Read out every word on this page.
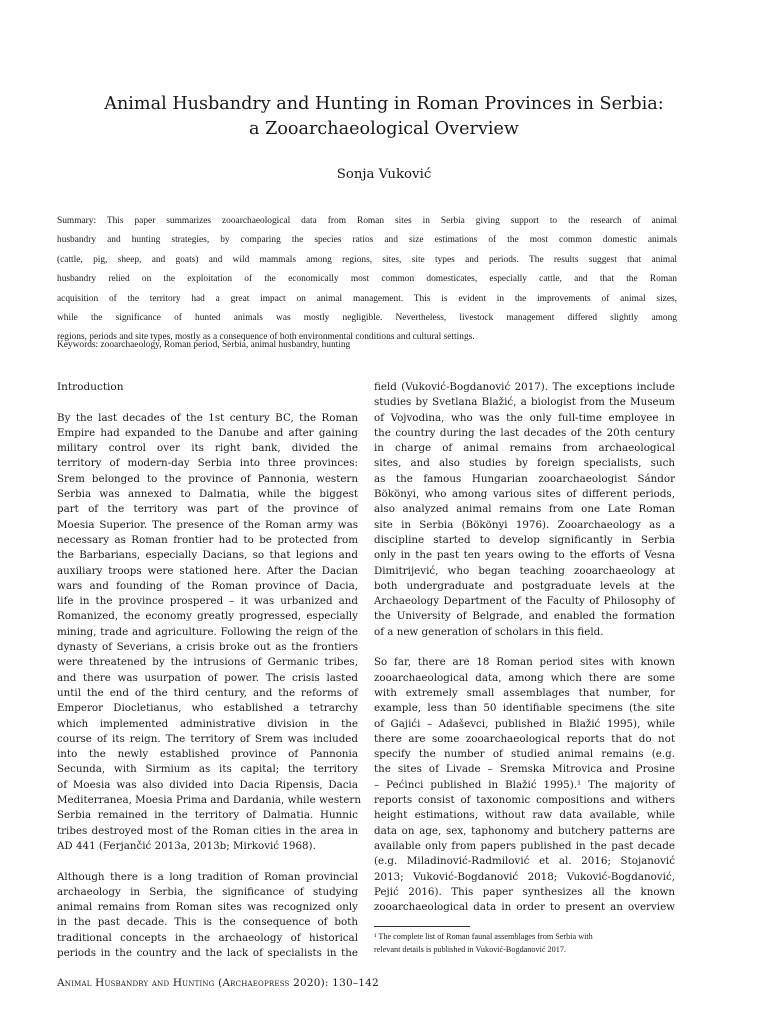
Animal Husbandry and Hunting in Roman Provinces in Serbia:
a Zooarchaeological Overview
Sonja Vuković
Summary: This paper summarizes zooarchaeological data from Roman sites in Serbia giving support to the research of animal
husbandry and hunting strategies, by comparing the species ratios and size estimations of the most common domestic animals
(cattle, pig, sheep, and goats) and wild mammals among regions, sites, site types and periods. The results suggest that animal
husbandry relied on the exploitation of the economically most common domesticates, especially cattle, and that the Roman
acquisition of the territory had a great impact on animal management. This is evident in the improvements of animal sizes,
while the significance of hunted animals was mostly negligible. Nevertheless, livestock management differed slightly among
regions, periods and site types, mostly as a consequence of both environmental conditions and cultural settings.
Keywords: zooarchaeology, Roman period, Serbia, animal husbandry, hunting
Introduction
By the last decades of the 1st century BC, the Roman
Empire had expanded to the Danube and after gaining
military control over its right bank, divided the
territory of modern-day Serbia into three provinces:
Srem belonged to the province of Pannonia, western
Serbia was annexed to Dalmatia, while the biggest
part of the territory was part of the province of
Moesia Superior. The presence of the Roman army was
necessary as Roman frontier had to be protected from
the Barbarians, especially Dacians, so that legions and
auxiliary troops were stationed here. After the Dacian
wars and founding of the Roman province of Dacia,
life in the province prospered – it was urbanized and
Romanized, the economy greatly progressed, especially
mining, trade and agriculture. Following the reign of the
dynasty of Severians, a crisis broke out as the frontiers
were threatened by the intrusions of Germanic tribes,
and there was usurpation of power. The crisis lasted
until the end of the third century, and the reforms of
Emperor Diocletianus, who established a tetrarchy
which implemented administrative division in the
course of its reign. The territory of Srem was included
into the newly established province of Pannonia
Secunda, with Sirmium as its capital; the territory
of Moesia was also divided into Dacia Ripensis, Dacia
Mediterranea, Moesia Prima and Dardania, while western
Serbia remained in the territory of Dalmatia. Hunnic
tribes destroyed most of the Roman cities in the area in
AD 441 (Ferjančić 2013a, 2013b; Mirković 1968).
Although there is a long tradition of Roman provincial
archaeology in Serbia, the significance of studying
animal remains from Roman sites was recognized only
in the past decade. This is the consequence of both
traditional concepts in the archaeology of historical
periods in the country and the lack of specialists in the
field (Vuković-Bogdanović 2017). The exceptions include
studies by Svetlana Blažić, a biologist from the Museum
of Vojvodina, who was the only full-time employee in
the country during the last decades of the 20th century
in charge of animal remains from archaeological
sites, and also studies by foreign specialists, such
as the famous Hungarian zooarchaeologist Sándor
Bökönyi, who among various sites of different periods,
also analyzed animal remains from one Late Roman
site in Serbia (Bökönyi 1976). Zooarchaeology as a
discipline started to develop significantly in Serbia
only in the past ten years owing to the efforts of Vesna
Dimitrijević, who began teaching zooarchaeology at
both undergraduate and postgraduate levels at the
Archaeology Department of the Faculty of Philosophy of
the University of Belgrade, and enabled the formation
of a new generation of scholars in this field.
So far, there are 18 Roman period sites with known
zooarchaeological data, among which there are some
with extremely small assemblages that number, for
example, less than 50 identifiable specimens (the site
of Gajići – Adaševci, published in Blažić 1995), while
there are some zooarchaeological reports that do not
specify the number of studied animal remains (e.g.
the sites of Livade – Sremska Mitrovica and Prosine
– Pećinci published in Blažić 1995).¹ The majority of
reports consist of taxonomic compositions and withers
height estimations, without raw data available, while
data on age, sex, taphonomy and butchery patterns are
available only from papers published in the past decade
(e.g. Miladinović-Radmilović et al. 2016; Stojanović
2013; Vuković-Bogdanović 2018; Vuković-Bogdanović,
Pejić 2016). This paper synthesizes all the known
zooarchaeological data in order to present an overview
¹ The complete list of Roman faunal assemblages from Serbia with
relevant details is published in Vuković-Bogdanović 2017.
Animal Husbandry and Hunting (Archaeopress 2020): 130–142
